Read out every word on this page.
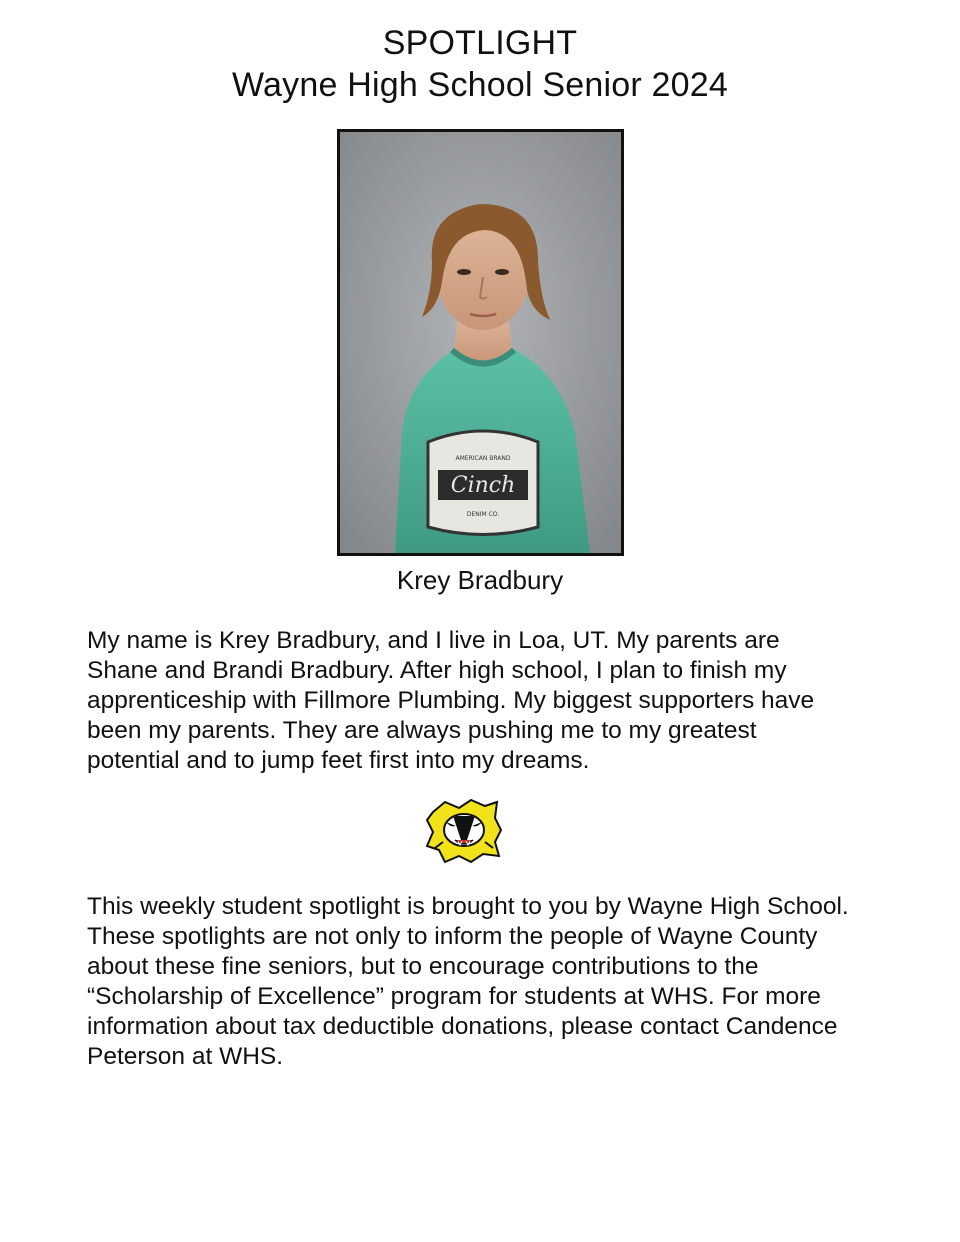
SPOTLIGHT
Wayne High School Senior 2024
Cinch
AMERICAN BRAND
DENIM CO.
Krey Bradbury

My name is Krey Bradbury, and I live in Loa, UT. My parents are
Shane and Brandi Bradbury. After high school, I plan to finish my
apprenticeship with Fillmore Plumbing. My biggest supporters have
been my parents. They are always pushing me to my greatest
potential and to jump feet first into my dreams.

This weekly student spotlight is brought to you by Wayne High School.
These spotlights are not only to inform the people of Wayne County
about these fine seniors, but to encourage contributions to the
“Scholarship of Excellence” program for students at WHS. For more
information about tax deductible donations, please contact Candence
Peterson at WHS.
